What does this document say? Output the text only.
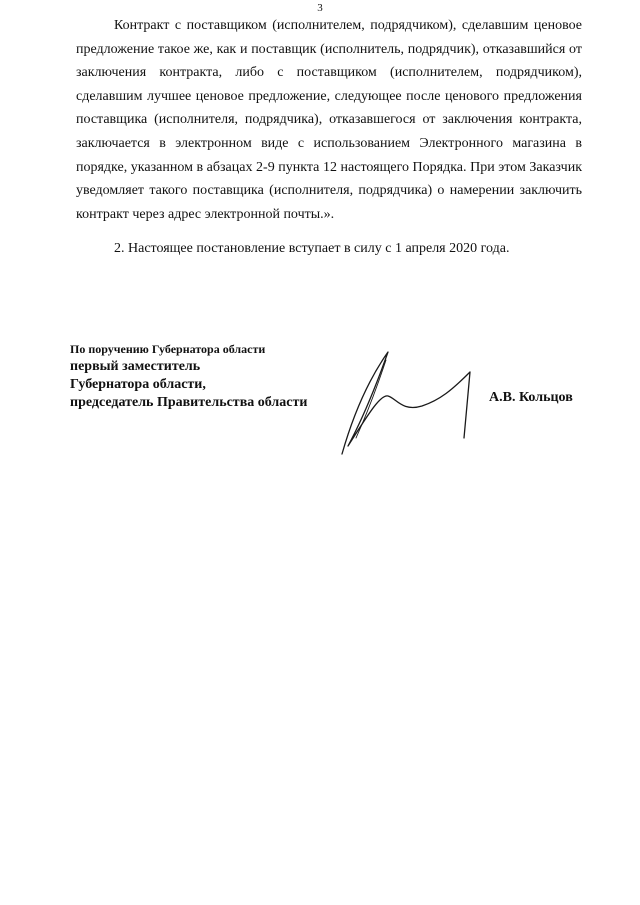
3

Контракт с поставщиком (исполнителем, подрядчиком), сделавшим ценовое предложение такое же, как и поставщик (исполнитель, подрядчик), отказавшийся от заключения контракта, либо с поставщиком (исполнителем, подрядчиком), сделавшим лучшее ценовое предложение, следующее после ценового предложения поставщика (исполнителя, подрядчика), отказавшегося от заключения контракта, заключается в электронном виде с использованием Электронного магазина в порядке, указанном в абзацах 2-9 пункта 12 настоящего Порядка. При этом Заказчик уведомляет такого поставщика (исполнителя, подрядчика) о намерении заключить контракт через адрес электронной почты.».

2. Настоящее постановление вступает в силу с 1 апреля 2020 года.

По поручению Губернатора области
первый заместитель
Губернатора области,
председатель Правительства области	А.В. Кольцов
